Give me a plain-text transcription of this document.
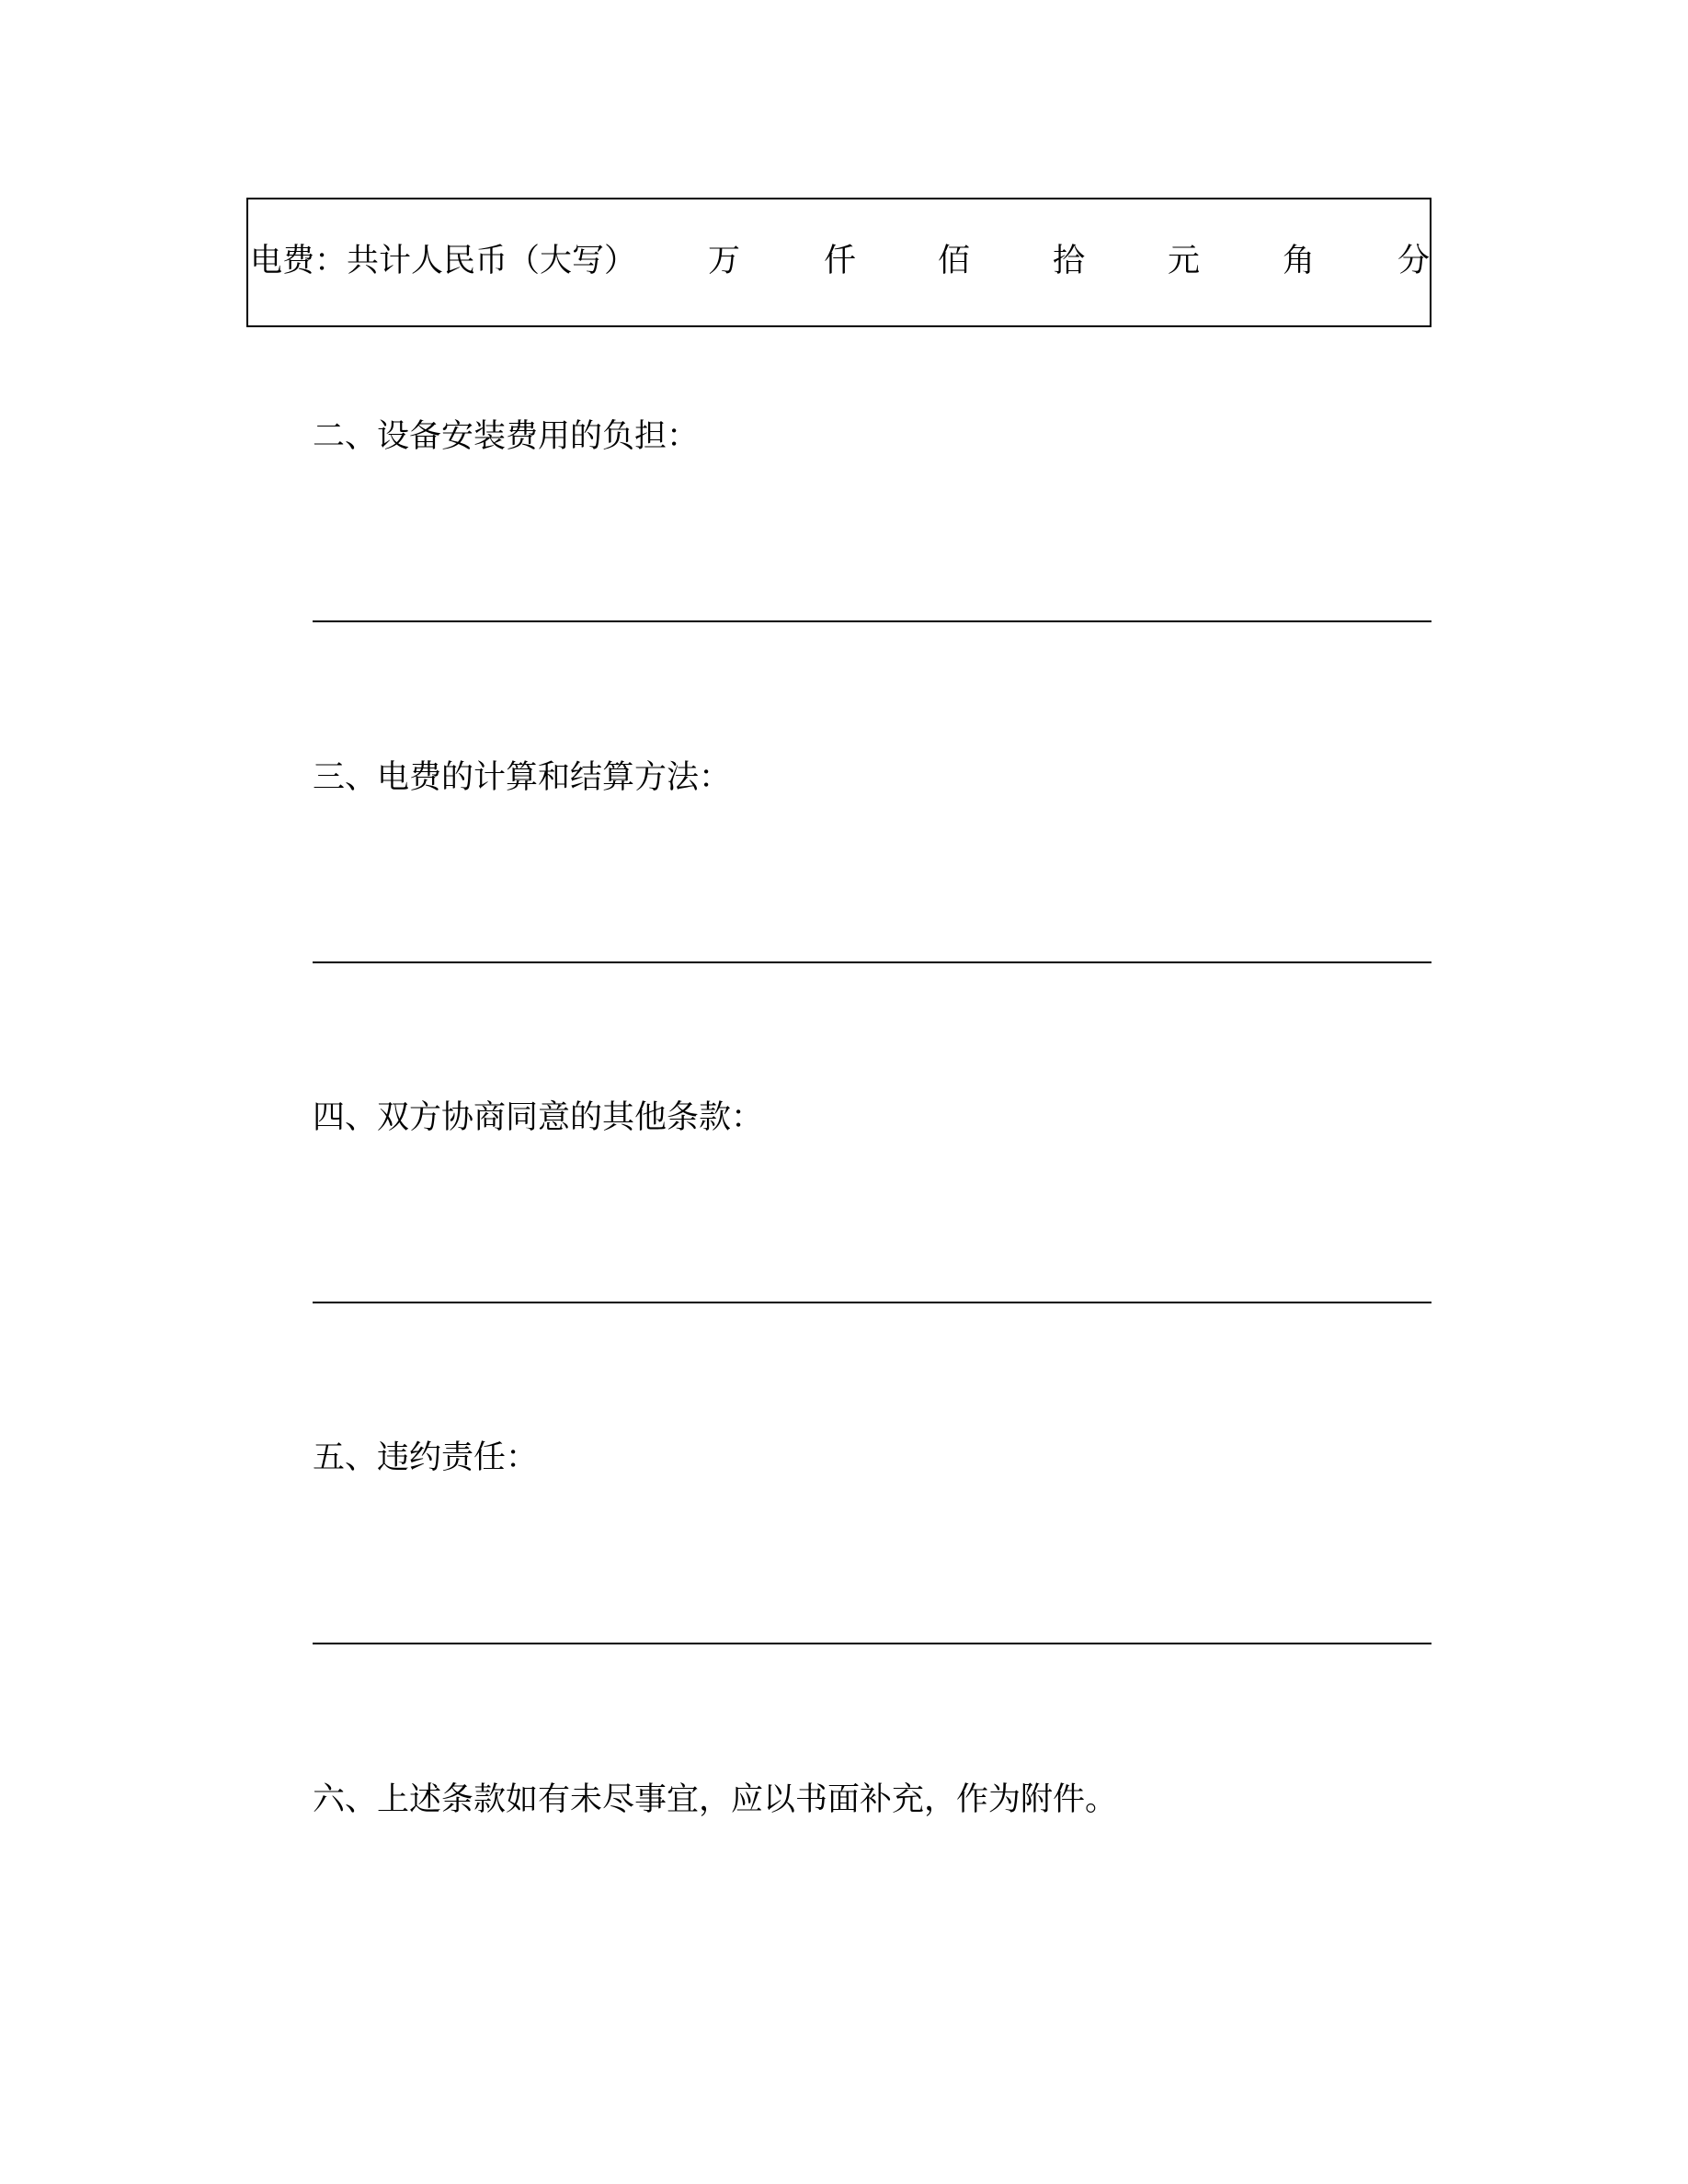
电费：共计人民币（大写） 万	仟	佰	拾	元	角	分
二、设备安装费用的负担：
三、电费的计算和结算方法：
四、双方协商同意的其他条款：
五、违约责任：
六、上述条款如有未尽事宜，应以书面补充，作为附件。
